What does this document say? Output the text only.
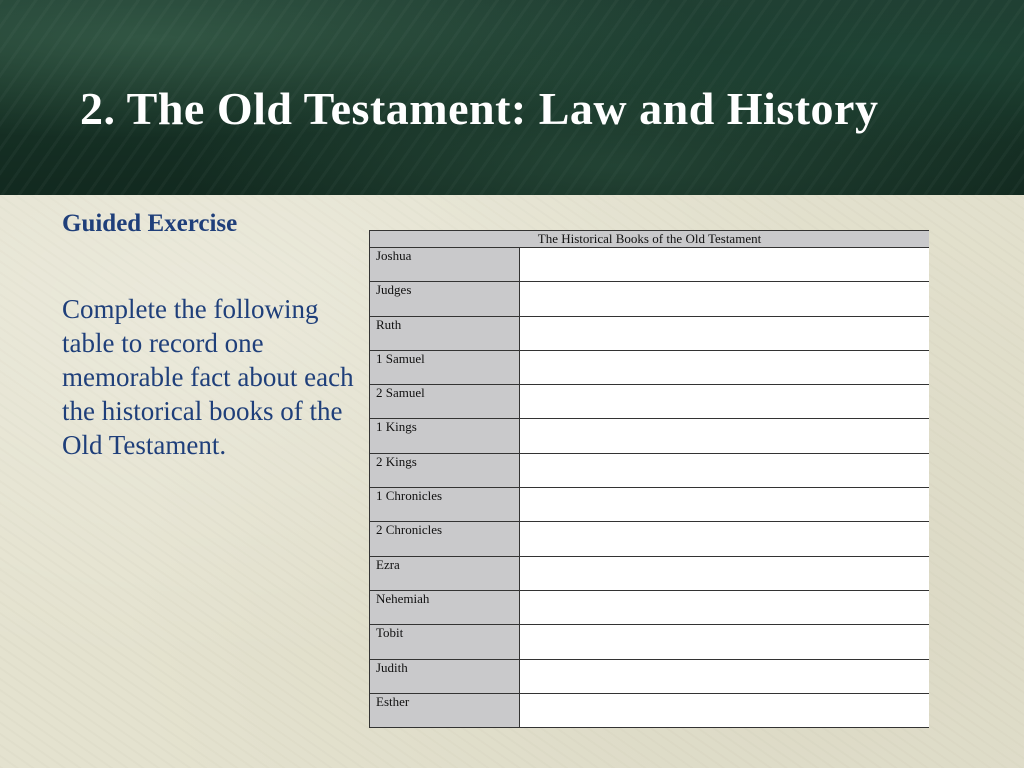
2. The Old Testament: Law and History
Guided Exercise

Complete the following table to record one memorable fact about each the historical books of the Old Testament.

The Historical Books of the Old Testament	
Joshua	
Judges	
Ruth	
1 Samuel	
2 Samuel	
1 Kings	
2 Kings	
1 Chronicles	
2 Chronicles	
Ezra	
Nehemiah	
Tobit	
Judith	
Esther	
